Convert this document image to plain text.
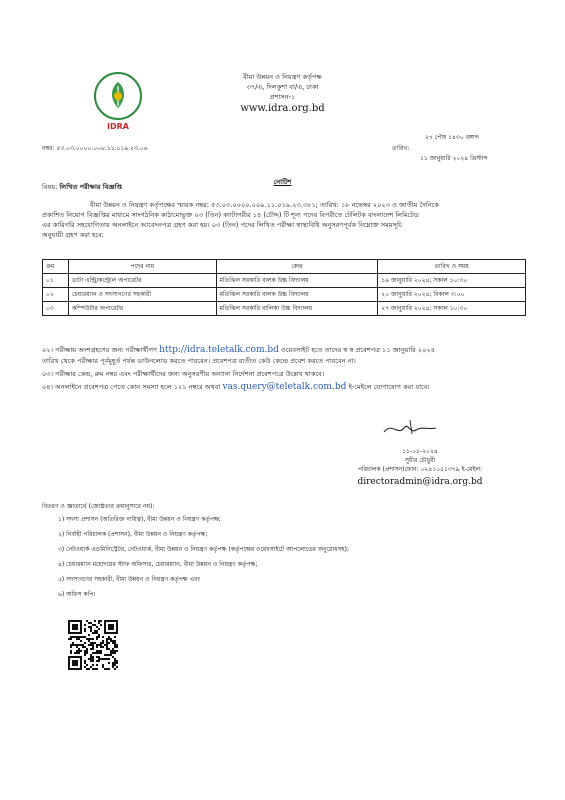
IDRA
বীমা উন্নয়ন ও নিয়ন্ত্রণ কর্তৃপক্ষ
৩৭/এ, দিলকুশা বা/এ, ঢাকা
প্রশাসন-১
www.idra.org.bd
২৭ পৌষ ১৪৩০ বঙ্গাব্দ
নম্বর: ৫৩.০৩.০০০০.০০৮.১১.০১৯.২৩.০৬	তারিখ:
১১ জানুয়ারি ২০২৪ খ্রিস্টাব্দ
নোটিশ
বিষয়: লিখিত পরীক্ষার বিজ্ঞপ্তি
বীমা উন্নয়ন ও নিয়ন্ত্রণ কর্তৃপক্ষের স্মারক নম্বর: ৫৩.০৩.০০০০.০০৯.১১.০১৯.২৩.৩৮১; তারিখ: ১৮ নভেম্বর ২০২৩ ও জাতীয় দৈনিকে
প্রকাশিত নিয়োগ বিজ্ঞপ্তির মাধ্যমে সাংগঠনিক কাঠামোভুক্ত ০৩ (তিন) ক্যাটাগরীর ১৪ (চৌদ্দ) টি শূন্য পদের বিপরীতে টেলিটক বাংলাদেশ লিমিটেড
এর কারিগরি সহযোগিতায় অনলাইনে আবেদনপত্র গ্রহণ করা হয়। ০৩ (তিন) পদের লিখিত পরীক্ষা স্বাস্থ্যবিধি অনুসরণপূর্বক নিম্নোক্ত সময়সূচি
অনুযায়ী গ্রহণ করা হবে:
ক্রম	পদের নাম	কেন্দ্র	তারিখ ও সময়
০১	ডাটা এন্ট্রি/কন্ট্রোল অপারেটর	মতিঝিল সরকারি বালক উচ্চ বিদ্যালয়	১৯ জানুয়ারি ২০২৪; সকাল ১০:৩০
০২	চেয়ারম্যান ও সদস্যগণের সহকারী	মতিঝিল সরকারি বালক উচ্চ বিদ্যালয়	২০ জানুয়ারি ২০২৪; বিকাল ৩:০০
০৩	কম্পিউটার অপারেটর	মতিঝিল সরকারি বালিকা উচ্চ বিদ্যালয়	২৭ জানুয়ারি ২০২৪; সকাল ১০:৩০
০২। পরীক্ষায় অংশগ্রহণের জন্য পরীক্ষার্থীগণ http://idra.teletalk.com.bd ওয়েবসাইট হতে তাদের স্ব স্ব প্রবেশপত্র ১১ জানুয়ারি ২০২৪
তারিখ থেকে পরীক্ষার পূর্বমুহূর্ত পর্যন্ত ডাউনলোড করতে পারবেন। প্রবেশপত্র ব্যতীত কেউ কেন্দ্রে প্রবেশ করতে পারবেন না।
০৩। পরীক্ষার কেন্দ্র, রুম নম্বর এবং পরীক্ষার্থীদের জন্য অনুসরণীয় অন্যান্য নির্দেশনা প্রবেশপত্রে উল্লেখ থাকবে।
০৪। অনলাইনে প্রবেশপত্র পেতে কোন সমস্যা হলে ১২১ নম্বরে অথবা vas.query@teletalk.com.bd ই-মেইলে যোগাযোগ করা যাবে।
১১-০১-২০২৪
সুধীর চৌধুরী
পরিচালক (প্রশাসন)ফোন: ০২৪১০৫১৩৭৯ ই-মেইল:
directoradmin@idra.org.bd
বিতরণ ও জ্ঞাতার্থে (জ্যেষ্ঠতার ক্রমানুসারে নয়):
১) সদস্য প্রশাসন (অতিরিক্ত দায়িত্ব), বীমা উন্নয়ন ও নিয়ন্ত্রণ কর্তৃপক্ষ;
২) নির্বাহী পরিচালক (প্রশাসন), বীমা উন্নয়ন ও নিয়ন্ত্রণ কর্তৃপক্ষ;
৩) নেটওয়ার্ক এডমিনিস্ট্রেটর, নেটওয়ার্ক, বীমা উন্নয়ন ও নিয়ন্ত্রণ কর্তৃপক্ষ (কর্তৃপক্ষের ওয়েবসাইটে আপলোডের অনুরোধসহ);
৪) চেয়ারম্যান মহোদয়ের স্টাফ অফিসার, চেয়ারম্যান, বীমা উন্নয়ন ও নিয়ন্ত্রণ কর্তৃপক্ষ;
৫) সদস্যগণের সহকারী, বীমা উন্নয়ন ও নিয়ন্ত্রণ কর্তৃপক্ষ এবং
৬) অফিস কপি।
